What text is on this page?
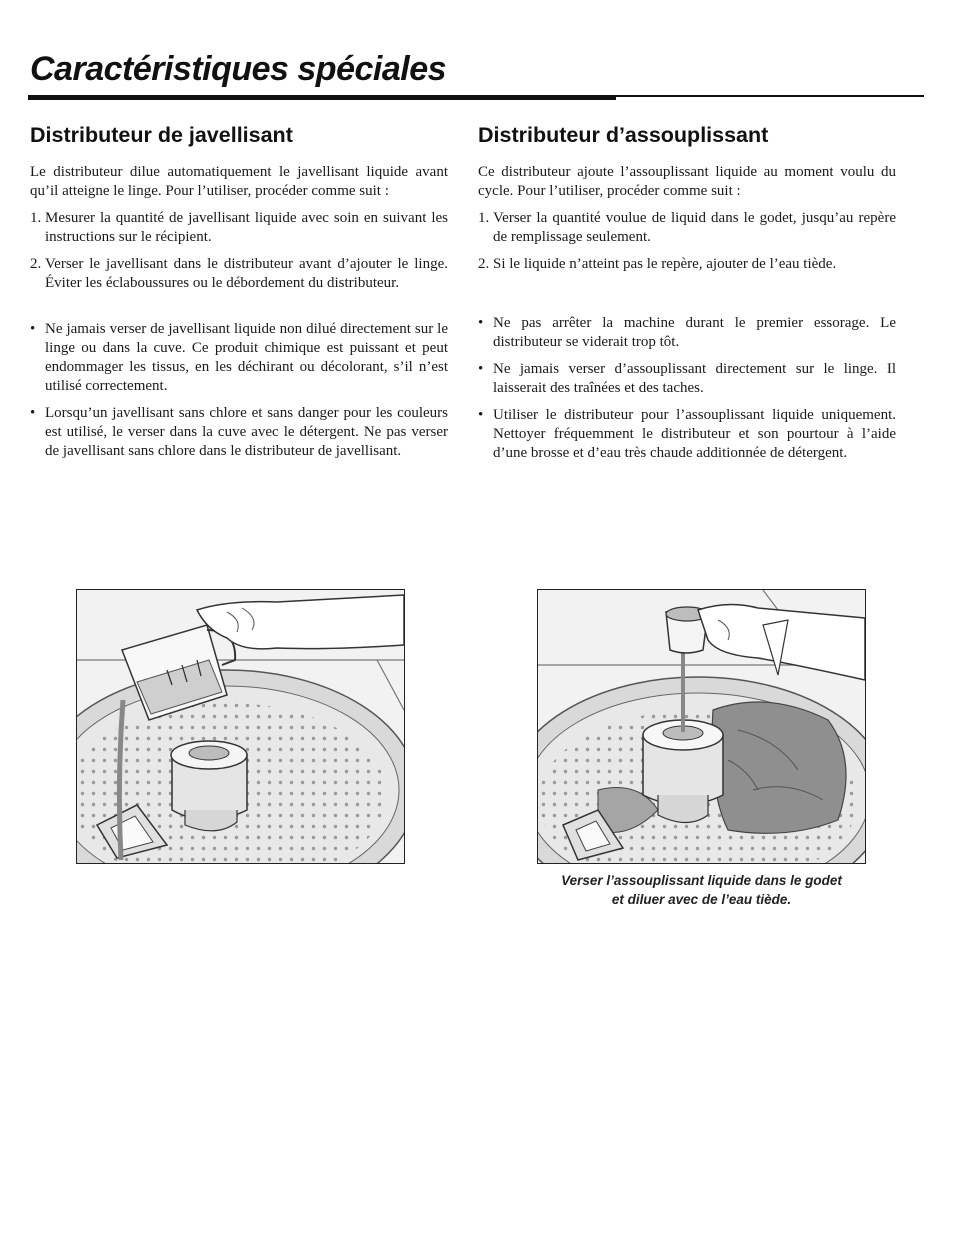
Caractéristiques spéciales
Distributeur de javellisant

Le distributeur dilue automatiquement le javellisant liquide avant qu’il atteigne le linge. Pour l’utiliser, procéder comme suit :

1. Mesurer la quantité de javellisant liquide avec soin en suivant les instructions sur le récipient.
2. Verser le javellisant dans le distributeur avant d’ajouter le linge. Éviter les éclaboussures ou le débordement du distributeur.
• Ne jamais verser de javellisant liquide non dilué directement sur le linge ou dans la cuve. Ce produit chimique est puissant et peut endommager les tissus, en les déchirant ou décolorant, s’il n’est utilisé correctement.
• Lorsqu’un javellisant sans chlore et sans danger pour les couleurs est utilisé, le verser dans la cuve avec le détergent. Ne pas verser de javellisant sans chlore dans le distributeur de javellisant.
Distributeur d’assouplissant

Ce distributeur ajoute l’assouplissant liquide au moment voulu du cycle. Pour l’utiliser, procéder comme suit :

1. Verser la quantité voulue de liquid dans le godet, jusqu’au repère de remplissage seulement.
2. Si le liquide n’atteint pas le repère, ajouter de l’eau tiède.
• Ne pas arrêter la machine durant le premier essorage. Le distributeur se viderait trop tôt.
• Ne jamais verser d’assouplissant directement sur le linge. Il laisserait des traînées et des taches.
• Utiliser le distributeur pour l’assouplissant liquide uniquement. Nettoyer fréquemment le distributeur et son pourtour à l’aide d’une brosse et d’eau très chaude additionnée de détergent.
Verser l’assouplissant liquide dans le godet
et diluer avec de l’eau tiède.
